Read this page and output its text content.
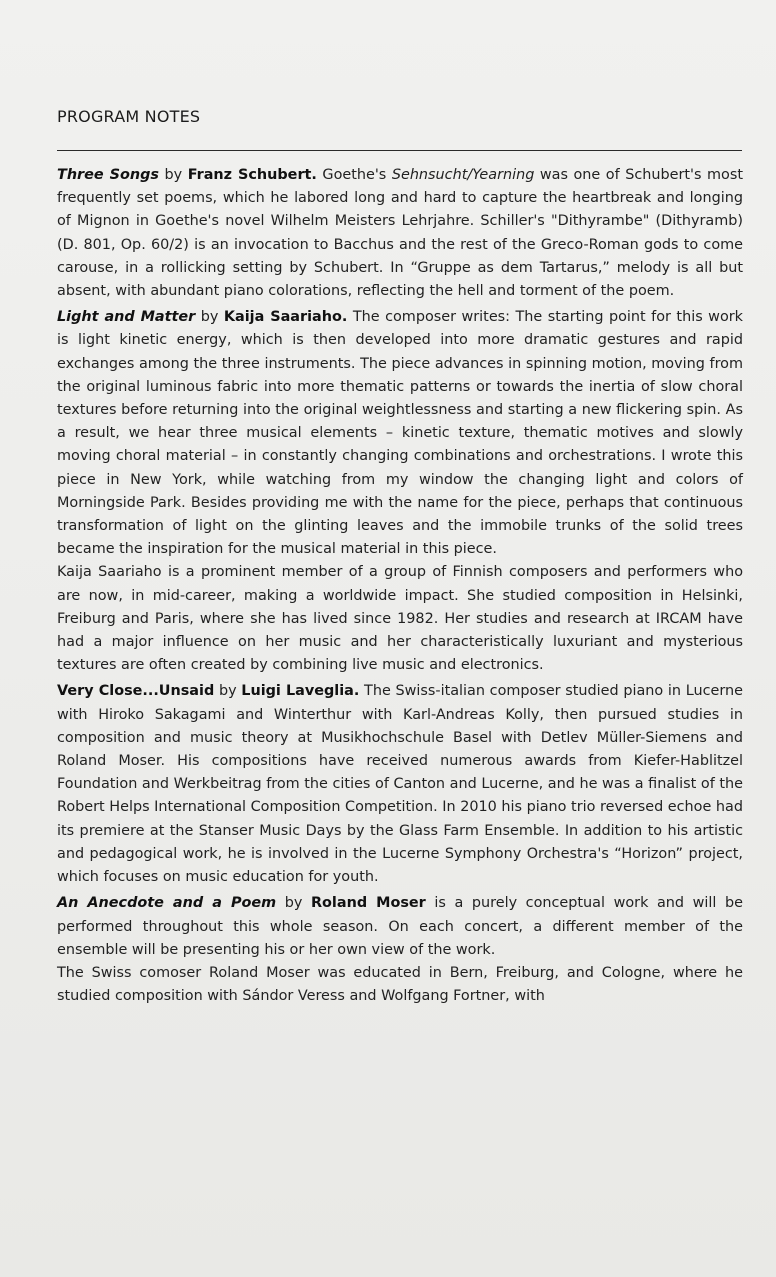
PROGRAM NOTES

Three Songs by Franz Schubert. Goethe's Sehnsucht/Yearning was one of Schubert's most frequently set poems, which he labored long and hard to capture the heartbreak and longing of Mignon in Goethe's novel Wilhelm Meisters Lehrjahre. Schiller's "Dithyrambe" (Dithyramb) (D. 801, Op. 60/2) is an invocation to Bacchus and the rest of the Greco-Roman gods to come carouse, in a rollicking setting by Schubert. In “Gruppe as dem Tartarus,” melody is all but absent, with abundant piano colorations, reflecting the hell and torment of the poem.

Light and Matter by Kaija Saariaho. The composer writes: The starting point for this work is light kinetic energy, which is then developed into more dramatic gestures and rapid exchanges among the three instruments. The piece advances in spinning motion, moving from the original luminous fabric into more thematic patterns or towards the inertia of slow choral textures before returning into the original weightlessness and starting a new flickering spin. As a result, we hear three musical elements – kinetic texture, thematic motives and slowly moving choral material – in constantly changing combinations and orchestrations. I wrote this piece in New York, while watching from my window the changing light and colors of Morningside Park. Besides providing me with the name for the piece, perhaps that continuous transformation of light on the glinting leaves and the immobile trunks of the solid trees became the inspiration for the musical material in this piece.

Kaija Saariaho is a prominent member of a group of Finnish composers and performers who are now, in mid-career, making a worldwide impact. She studied composition in Helsinki, Freiburg and Paris, where she has lived since 1982. Her studies and research at IRCAM have had a major influence on her music and her characteristically luxuriant and mysterious textures are often created by combining live music and electronics.

Very Close...Unsaid by Luigi Laveglia. The Swiss-italian composer studied piano in Lucerne with Hiroko Sakagami and Winterthur with Karl-Andreas Kolly, then pursued studies in composition and music theory at Musikhochschule Basel with Detlev Müller-Siemens and Roland Moser. His compositions have received numerous awards from Kiefer-Hablitzel Foundation and Werkbeitrag from the cities of Canton and Lucerne, and he was a finalist of the Robert Helps International Composition Competition. In 2010 his piano trio reversed echoe had its premiere at the Stanser Music Days by the Glass Farm Ensemble. In addition to his artistic and pedagogical work, he is involved in the Lucerne Symphony Orchestra's “Horizon” project, which focuses on music education for youth.

An Anecdote and a Poem by Roland Moser is a purely conceptual work and will be performed throughout this whole season. On each concert, a different member of the ensemble will be presenting his or her own view of the work.

The Swiss comoser Roland Moser was educated in Bern, Freiburg, and Cologne, where he studied composition with Sándor Veress and Wolfgang Fortner, with
